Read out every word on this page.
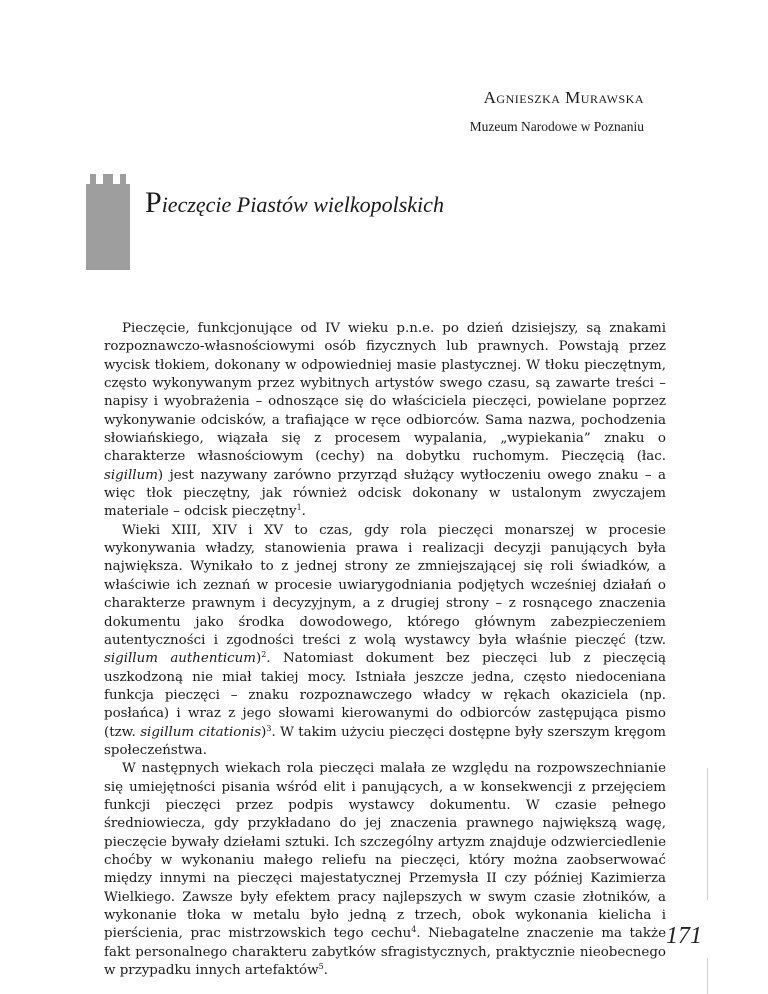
Agnieszka Murawska
Muzeum Narodowe w Poznaniu
Pieczęcie Piastów wielkopolskich

Pieczęcie, funkcjonujące od IV wieku p.n.e. po dzień dzisiejszy, są znakami rozpoznawczo-własnościowymi osób fizycznych lub prawnych. Powstają przez wycisk tłokiem, dokonany w odpowiedniej masie plastycznej. W tłoku pieczętnym, często wykonywanym przez wybitnych artystów swego czasu, są zawarte treści – napisy i wyobrażenia – odnoszące się do właściciela pieczęci, powielane poprzez wykonywanie odcisków, a trafiające w ręce odbiorców. Sama nazwa, pochodzenia słowiańskiego, wiązała się z procesem wypalania, „wypiekania” znaku o charakterze własnościowym (cechy) na dobytku ruchomym. Pieczęcią (łac. sigillum) jest nazywany zarówno przyrząd służący wytłoczeniu owego znaku – a więc tłok pieczętny, jak również odcisk dokonany w ustalonym zwyczajem materiale – odcisk pieczętny$^1$.

Wieki XIII, XIV i XV to czas, gdy rola pieczęci monarszej w procesie wykonywania władzy, stanowienia prawa i realizacji decyzji panujących była największa. Wynikało to z jednej strony ze zmniejszającej się roli świadków, a właściwie ich zeznań w procesie uwiarygodniania podjętych wcześniej działań o charakterze prawnym i decyzyjnym, a z drugiej strony – z rosnącego znaczenia dokumentu jako środka dowodowego, którego głównym zabezpieczeniem autentyczności i zgodności treści z wolą wystawcy była właśnie pieczęć (tzw. sigillum authenticum)$^2$. Natomiast dokument bez pieczęci lub z pieczęcią uszkodzoną nie miał takiej mocy. Istniała jeszcze jedna, często niedoceniana funkcja pieczęci – znaku rozpoznawczego władcy w rękach okaziciela (np. posłańca) i wraz z jego słowami kierowanymi do odbiorców zastępująca pismo (tzw. sigillum citationis)$^3$. W takim użyciu pieczęci dostępne były szerszym kręgom społeczeństwa.

W następnych wiekach rola pieczęci malała ze względu na rozpowszechnianie się umiejętności pisania wśród elit i panujących, a w konsekwencji z przejęciem funkcji pieczęci przez podpis wystawcy dokumentu. W czasie pełnego średniowiecza, gdy przykładano do jej znaczenia prawnego największą wagę, pieczęcie bywały dziełami sztuki. Ich szczególny artyzm znajduje odzwierciedlenie choćby w wykonaniu małego reliefu na pieczęci, który można zaobserwować między innymi na pieczęci majestatycznej Przemysła II czy później Kazimierza Wielkiego. Zawsze były efektem pracy najlepszych w swym czasie złotników, a wykonanie tłoka w metalu było jedną z trzech, obok wykonania kielicha i pierścienia, prac mistrzowskich tego cechu$^4$. Niebagatelne znaczenie ma także fakt personalnego charakteru zabytków sfragistycznych, praktycznie nieobecnego w przypadku innych artefaktów$^5$.

171
